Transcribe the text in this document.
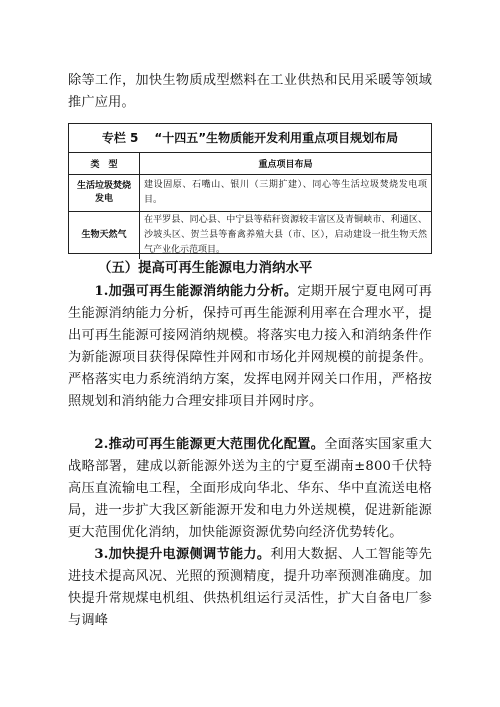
除等工作，加快生物质成型燃料在工业供热和民用采暖等领域推广应用。

专栏 5 “十四五”生物质能开发利用重点项目规划布局
类　型	重点项目布局
生活垃圾焚烧发电	建设固原、石嘴山、银川（三期扩建）、同心等生活垃圾焚烧发电项目。
生物天然气	在平罗县、同心县、中宁县等秸秆资源较丰富区及青铜峡市、利通区、沙坡头区、贺兰县等畜禽养殖大县（市、区），启动建设一批生物天然气产业化示范项目。
（五）提高可再生能源电力消纳水平

1.加强可再生能源消纳能力分析。定期开展宁夏电网可再生能源消纳能力分析，保持可再生能源利用率在合理水平，提出可再生能源可接网消纳规模。将落实电力接入和消纳条件作为新能源项目获得保障性并网和市场化并网规模的前提条件。严格落实电力系统消纳方案，发挥电网并网关口作用，严格按照规划和消纳能力合理安排项目并网时序。

2.推动可再生能源更大范围优化配置。全面落实国家重大战略部署，建成以新能源外送为主的宁夏至湖南±800千伏特高压直流输电工程，全面形成向华北、华东、华中直流送电格局，进一步扩大我区新能源开发和电力外送规模，促进新能源更大范围优化消纳，加快能源资源优势向经济优势转化。

3.加快提升电源侧调节能力。利用大数据、人工智能等先进技术提高风况、光照的预测精度，提升功率预测准确度。加快提升常规煤电机组、供热机组运行灵活性，扩大自备电厂参与调峰
